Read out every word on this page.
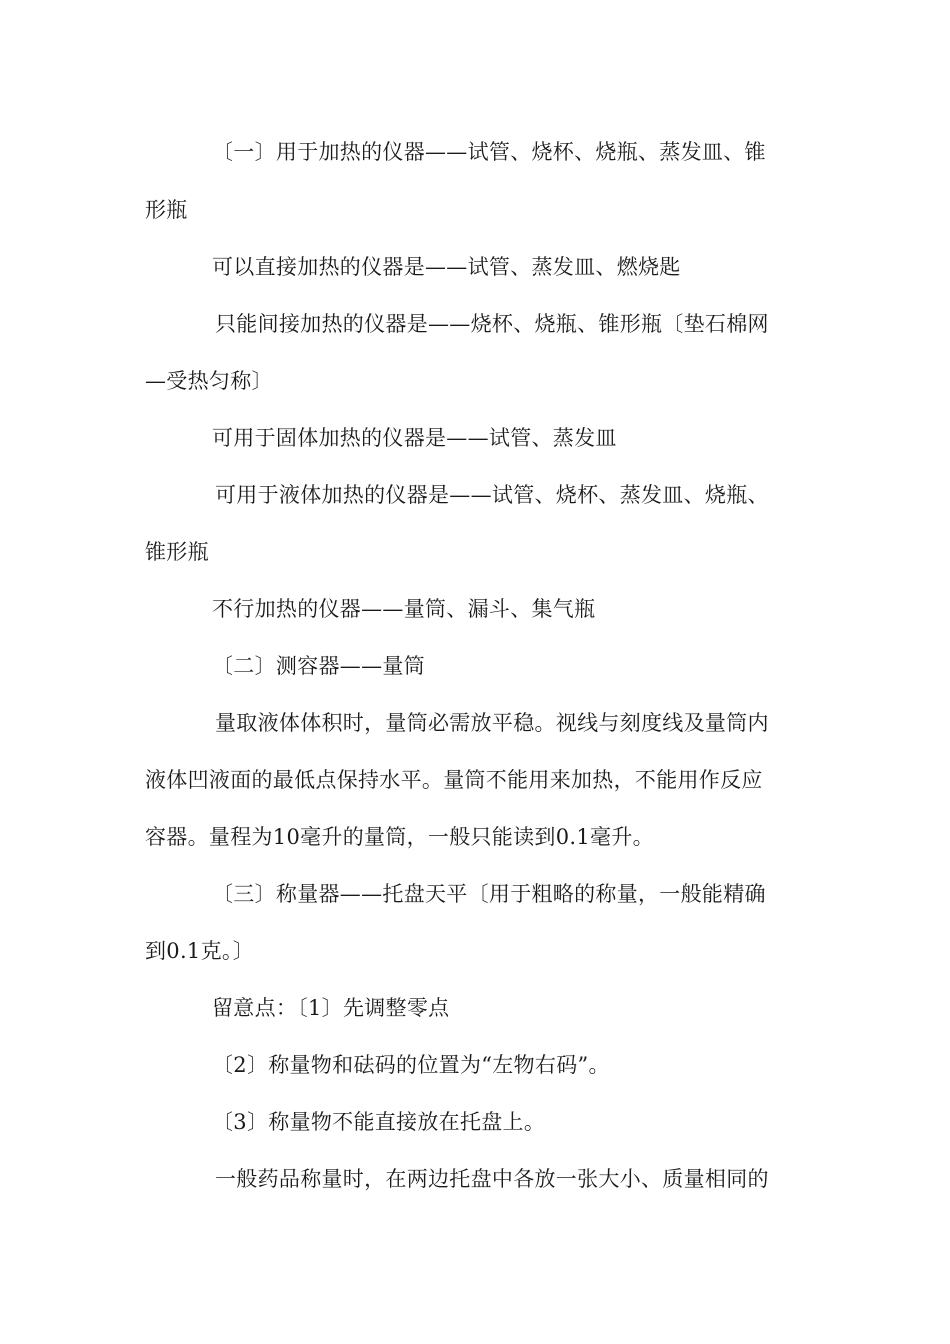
〔一〕用于加热的仪器——试管、烧杯、烧瓶、蒸发皿、锥

形瓶

可以直接加热的仪器是——试管、蒸发皿、燃烧匙

只能间接加热的仪器是——烧杯、烧瓶、锥形瓶〔垫石棉网

—受热匀称〕

可用于固体加热的仪器是——试管、蒸发皿

可用于液体加热的仪器是——试管、烧杯、蒸发皿、烧瓶、

锥形瓶

不行加热的仪器——量筒、漏斗、集气瓶

〔二〕测容器——量筒

量取液体体积时，量筒必需放平稳。视线与刻度线及量筒内

液体凹液面的最低点保持水平。量筒不能用来加热，不能用作反应

容器。量程为10毫升的量筒，一般只能读到0.1毫升。

〔三〕称量器——托盘天平〔用于粗略的称量，一般能精确

到0.1克。〕

留意点：〔1〕先调整零点

〔2〕称量物和砝码的位置为“左物右码”。

〔3〕称量物不能直接放在托盘上。

一般药品称量时，在两边托盘中各放一张大小、质量相同的
